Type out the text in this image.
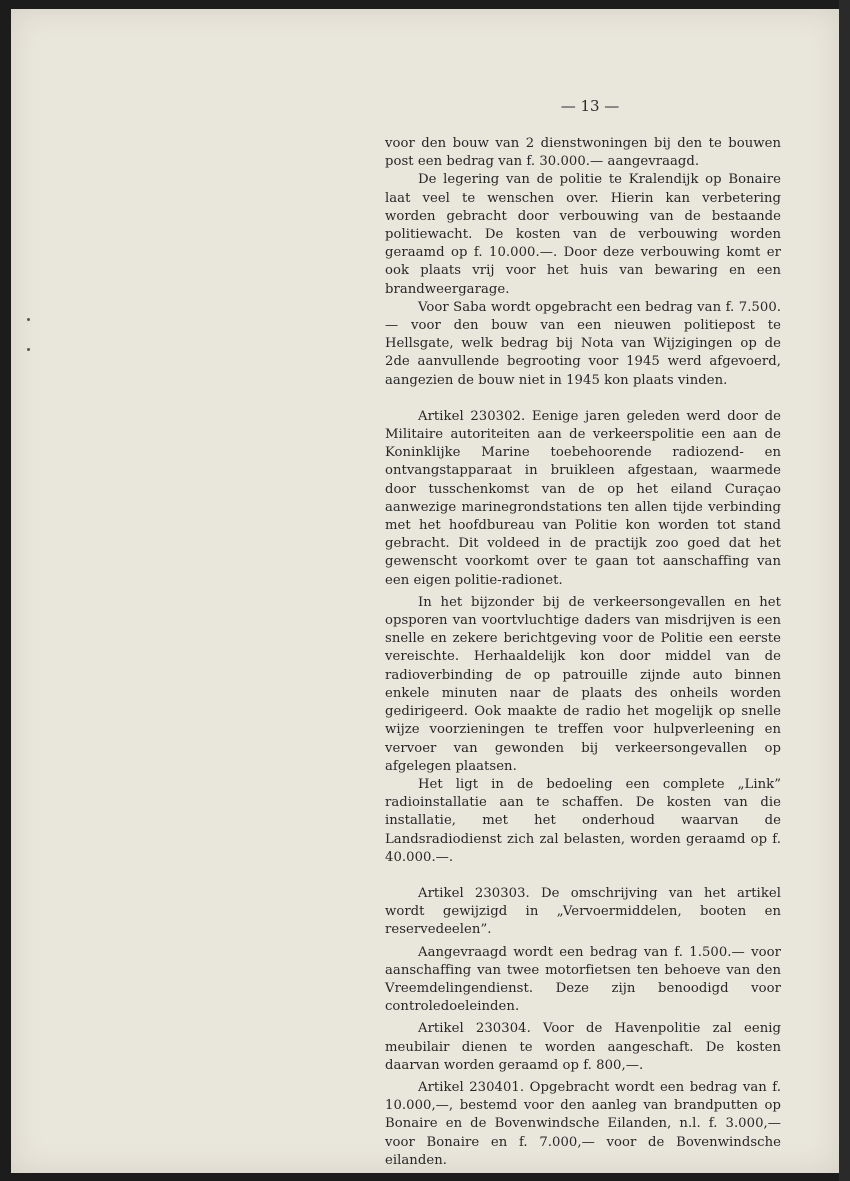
— 13 —

voor den bouw van 2 dienstwoningen bij den te bouwen post een bedrag van f. 30.000.— aangevraagd.

De legering van de politie te Kralendijk op Bonaire laat veel te wenschen over. Hierin kan verbetering worden gebracht door verbouwing van de bestaande politiewacht. De kosten van de verbouwing worden geraamd op f. 10.000.—. Door deze verbouwing komt er ook plaats vrij voor het huis van bewaring en een brandweergarage.

Voor Saba wordt opgebracht een bedrag van f. 7.500.— voor den bouw van een nieuwen politiepost te Hellsgate, welk bedrag bij Nota van Wijzigingen op de 2de aanvullende begrooting voor 1945 werd afgevoerd, aangezien de bouw niet in 1945 kon plaats vinden.

Artikel 230302. Eenige jaren geleden werd door de Militaire autoriteiten aan de verkeerspolitie een aan de Koninklijke Marine toebehoorende radiozend- en ontvangstapparaat in bruikleen afgestaan, waarmede door tusschenkomst van de op het eiland Curaçao aanwezige marinegrondstations ten allen tijde verbinding met het hoofdbureau van Politie kon worden tot stand gebracht. Dit voldeed in de practijk zoo goed dat het gewenscht voorkomt over te gaan tot aanschaffing van een eigen politie-radionet.

In het bijzonder bij de verkeersongevallen en het opsporen van voortvluchtige daders van misdrijven is een snelle en zekere berichtgeving voor de Politie een eerste vereischte. Herhaaldelijk kon door middel van de radioverbinding de op patrouille zijnde auto binnen enkele minuten naar de plaats des onheils worden gedirigeerd. Ook maakte de radio het mogelijk op snelle wijze voorzieningen te treffen voor hulpverleening en vervoer van gewonden bij verkeersongevallen op afgelegen plaatsen.

Het ligt in de bedoeling een complete „Link” radioinstallatie aan te schaffen. De kosten van die installatie, met het onderhoud waarvan de Landsradiodienst zich zal belasten, worden geraamd op f. 40.000.—.

Artikel 230303. De omschrijving van het artikel wordt gewijzigd in „Vervoermiddelen, booten en reservedeelen”.

Aangevraagd wordt een bedrag van f. 1.500.— voor aanschaffing van twee motorfietsen ten behoeve van den Vreemdelingendienst. Deze zijn benoodigd voor controledoeleinden.

Artikel 230304. Voor de Havenpolitie zal eenig meubilair dienen te worden aangeschaft. De kosten daarvan worden geraamd op f. 800,—.

Artikel 230401. Opgebracht wordt een bedrag van f. 10.000,—, bestemd voor den aanleg van brandputten op Bonaire en de Bovenwindsche Eilanden, n.l. f. 3.000,— voor Bonaire en f. 7.000,— voor de Bovenwindsche eilanden.
